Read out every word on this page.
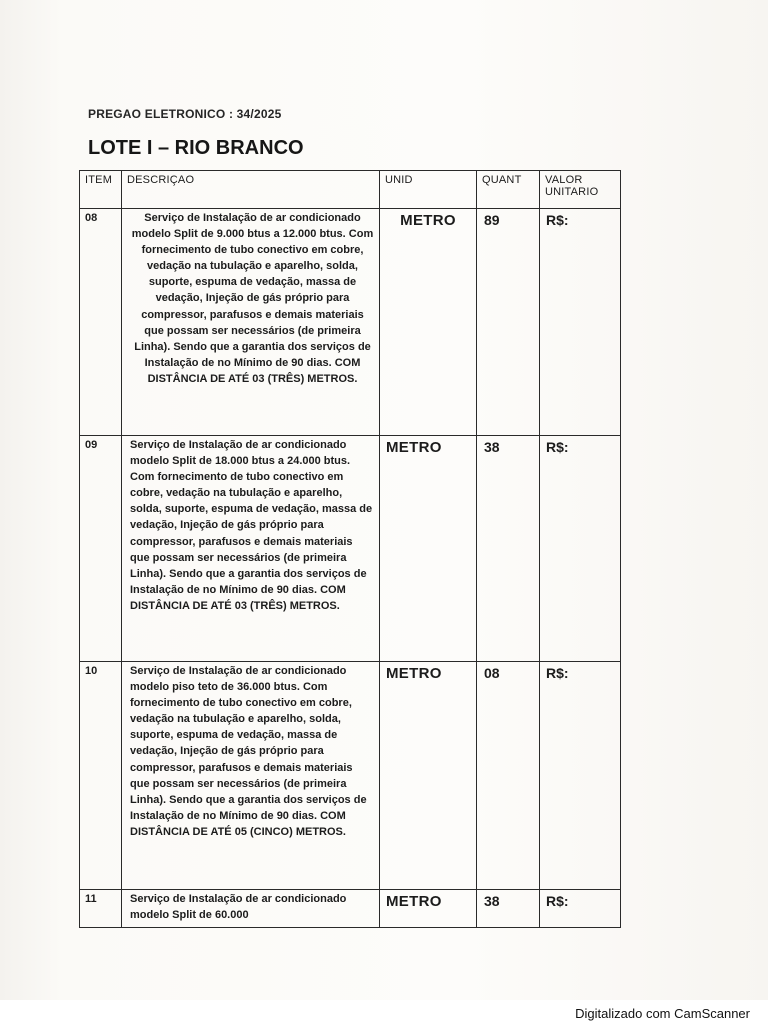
PREGAO ELETRONICO : 34/2025
LOTE I – RIO BRANCO
ITEM	DESCRIÇAO	UNID	QUANT	VALOR UNITARIO
08	Serviço de Instalação de ar condicionado modelo Split de 9.000 btus a 12.000 btus. Com fornecimento de tubo conectivo em cobre, vedação na tubulação e aparelho, solda, suporte, espuma de vedação, massa de vedação, Injeção de gás próprio para compressor, parafusos e demais materiais que possam ser necessários (de primeira Linha). Sendo que a garantia dos serviços de Instalação de no Mínimo de 90 dias. COM DISTÂNCIA DE ATÉ 03 (TRÊS) METROS.	METRO	89	R$:
09	Serviço de Instalação de ar condicionado modelo Split de 18.000 btus a 24.000 btus. Com fornecimento de tubo conectivo em cobre, vedação na tubulação e aparelho, solda, suporte, espuma de vedação, massa de vedação, Injeção de gás próprio para compressor, parafusos e demais materiais que possam ser necessários (de primeira Linha). Sendo que a garantia dos serviços de Instalação de no Mínimo de 90 dias. COM DISTÂNCIA DE ATÉ 03 (TRÊS) METROS.	METRO	38	R$:
10	Serviço de Instalação de ar condicionado modelo piso teto de 36.000 btus. Com fornecimento de tubo conectivo em cobre, vedação na tubulação e aparelho, solda, suporte, espuma de vedação, massa de vedação, Injeção de gás próprio para compressor, parafusos e demais materiais que possam ser necessários (de primeira Linha). Sendo que a garantia dos serviços de Instalação de no Mínimo de 90 dias. COM DISTÂNCIA DE ATÉ 05 (CINCO) METROS.	METRO	08	R$:
11	Serviço de Instalação de ar condicionado modelo Split de 60.000	METRO	38	R$:
Digitalizado com CamScanner
